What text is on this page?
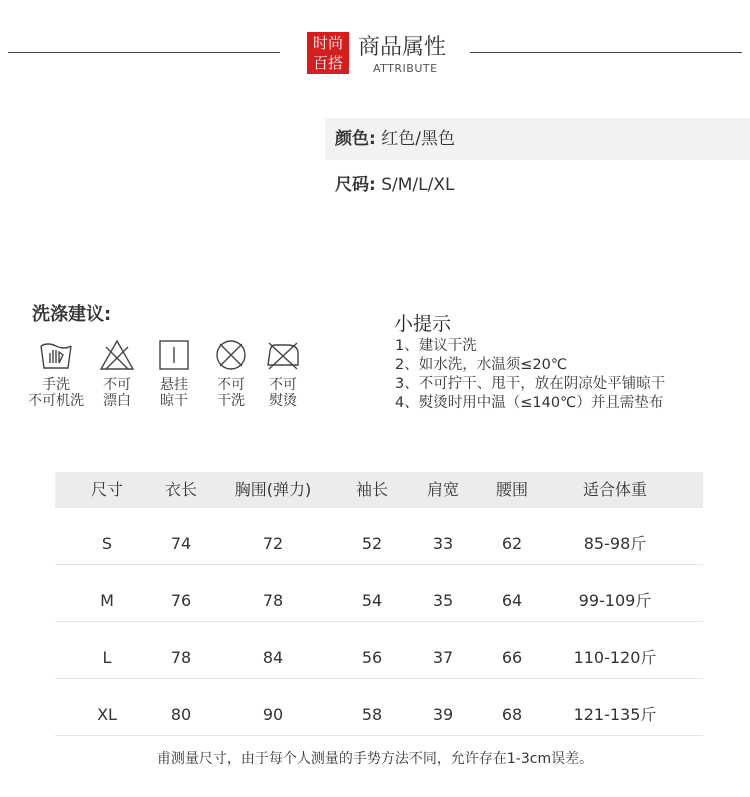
时尚
百搭
商品属性
ATTRIBUTE
颜色: 红色/黑色
尺码: S/M/L/XL
洗涤建议:
手洗
不可机洗
不可
漂白
悬挂
晾干
不可
干洗
不可
熨烫
小提示
1、建议干洗
2、如水洗，水温须≤20℃
3、不可拧干、甩干，放在阴凉处平铺晾干
4、熨烫时用中温（≤140℃）并且需垫布
尺寸	衣长	胸围(弹力)	袖长	肩宽	腰围	适合体重
S	74	72	52	33	62	85-98斤
M	76	78	54	35	64	99-109斤
L	78	84	56	37	66	110-120斤
XL	80	90	58	39	68	121-135斤
甫测量尺寸，由于每个人测量的手势方法不同，允许存在1-3cm误差。
